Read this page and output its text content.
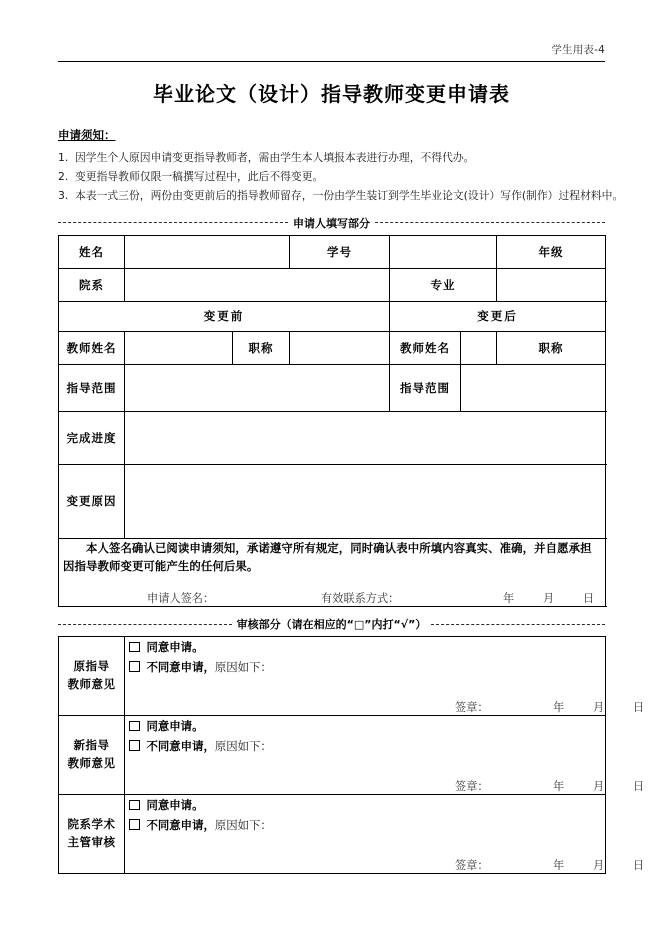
学生用表-4
毕业论文（设计）指导教师变更申请表
申请须知：
1. 因学生个人原因申请变更指导教师者，需由学生本人填报本表进行办理，不得代办。
2. 变更指导教师仅限一稿撰写过程中，此后不得变更。
3. 本表一式三份，两份由变更前后的指导教师留存，一份由学生装订到学生毕业论文(设计）写作(制作）过程材料中。
申请人填写部分
姓名			学号			年级	
院系				专业			
变更前				变更后			
教师姓名		职称		教师姓名		职称	
指导范围				指导范围			
完成进度							
变更原因							

本人签名确认已阅读申请须知，承诺遵守所有规定，同时确认表中所填内容真实、准确，并自愿承担因指导教师变更可能产生的任何后果。
申请人签名：	有效联系方式：	年	月	日
审核部分（请在相应的“□”内打“√”）
原指导
教师意见

同意申请。
不同意申请，原因如下：
签章：	年	月	日

新指导
教师意见

同意申请。
不同意申请，原因如下：
签章：	年	月	日

院系学术
主管审核

同意申请。
不同意申请，原因如下：
签章：	年	月	日
